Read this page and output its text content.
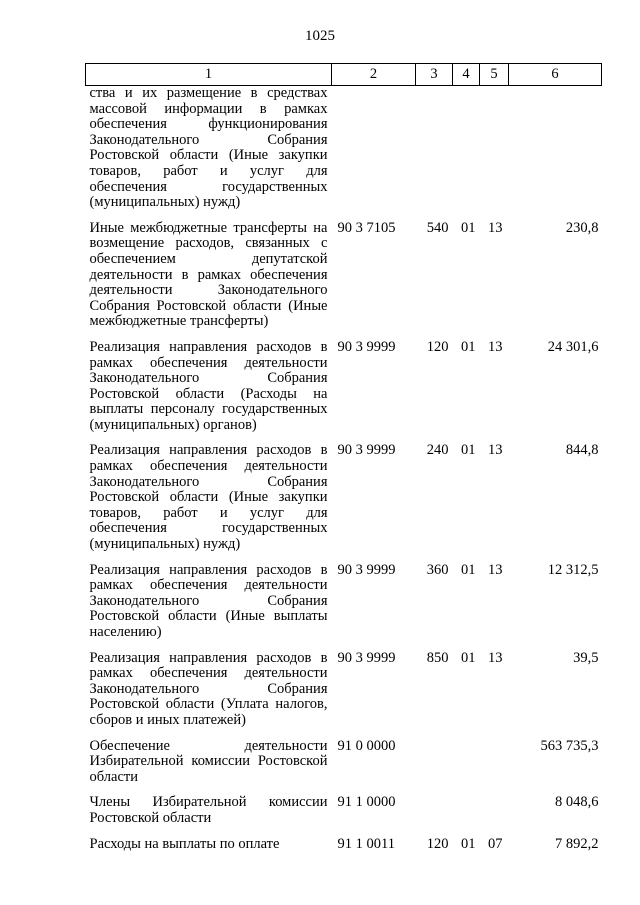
1025
1	2	3	4	5	6
ства и их размещение в средствах массовой информации в рамках обеспечения функционирования Законодательного Собрания Ростовской области (Иные закупки товаров, работ и услуг для обеспечения государственных (муниципальных) нужд)					
Иные межбюджетные трансферты на возмещение расходов, связанных с обеспечением депутатской деятельности в рамках обеспечения деятельности Законодательного Собрания Ростовской области (Иные межбюджетные трансферты)	90 3 7105	540	01	13	230,8
Реализация направления расходов в рамках обеспечения деятельности Законодательного Собрания Ростовской области (Расходы на выплаты персоналу государственных (муниципальных) органов)	90 3 9999	120	01	13	24 301,6
Реализация направления расходов в рамках обеспечения деятельности Законодательного Собрания Ростовской области (Иные закупки товаров, работ и услуг для обеспечения государственных (муниципальных) нужд)	90 3 9999	240	01	13	844,8
Реализация направления расходов в рамках обеспечения деятельности Законодательного Собрания Ростовской области (Иные выплаты населению)	90 3 9999	360	01	13	12 312,5
Реализация направления расходов в рамках обеспечения деятельности Законодательного Собрания Ростовской области (Уплата налогов, сборов и иных платежей)	90 3 9999	850	01	13	39,5
Обеспечение деятельности Избирательной комиссии Ростовской области	91 0 0000				563 735,3
Члены Избирательной комиссии Ростовской области	91 1 0000				8 048,6
Расходы на выплаты по оплате	91 1 0011	120	01	07	7 892,2
